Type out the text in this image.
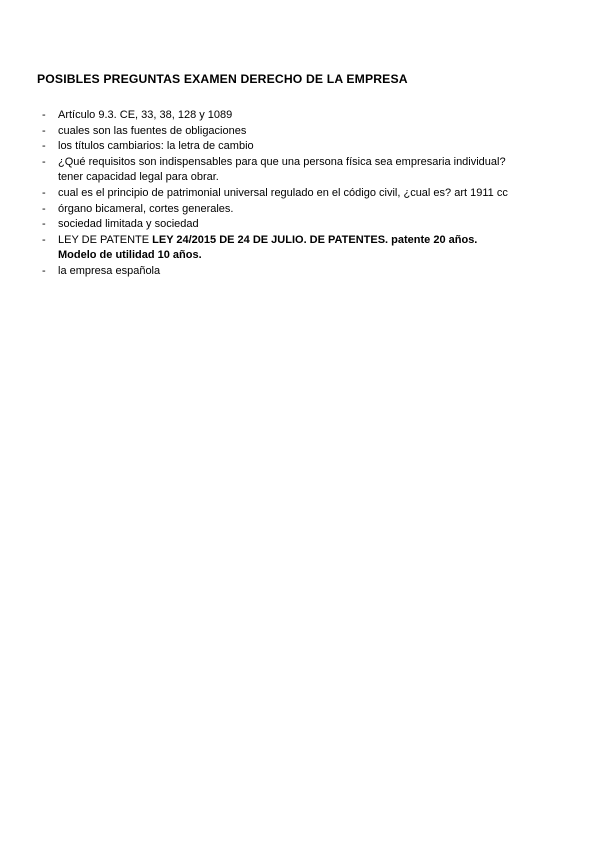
POSIBLES PREGUNTAS EXAMEN DERECHO DE LA EMPRESA
- Artículo 9.3. CE, 33, 38, 128 y 1089
- cuales son las fuentes de obligaciones
- los títulos cambiarios: la letra de cambio
- ¿Qué requisitos son indispensables para que una persona física sea empresaria individual?
tener capacidad legal para obrar.
- cual es el principio de patrimonial universal regulado en el código civil, ¿cual es? art 1911 cc
- órgano bicameral, cortes generales.
- sociedad limitada y sociedad
- LEY DE PATENTE LEY 24/2015 DE 24 DE JULIO. DE PATENTES. patente 20 años.
Modelo de utilidad 10 años.
- la empresa española
